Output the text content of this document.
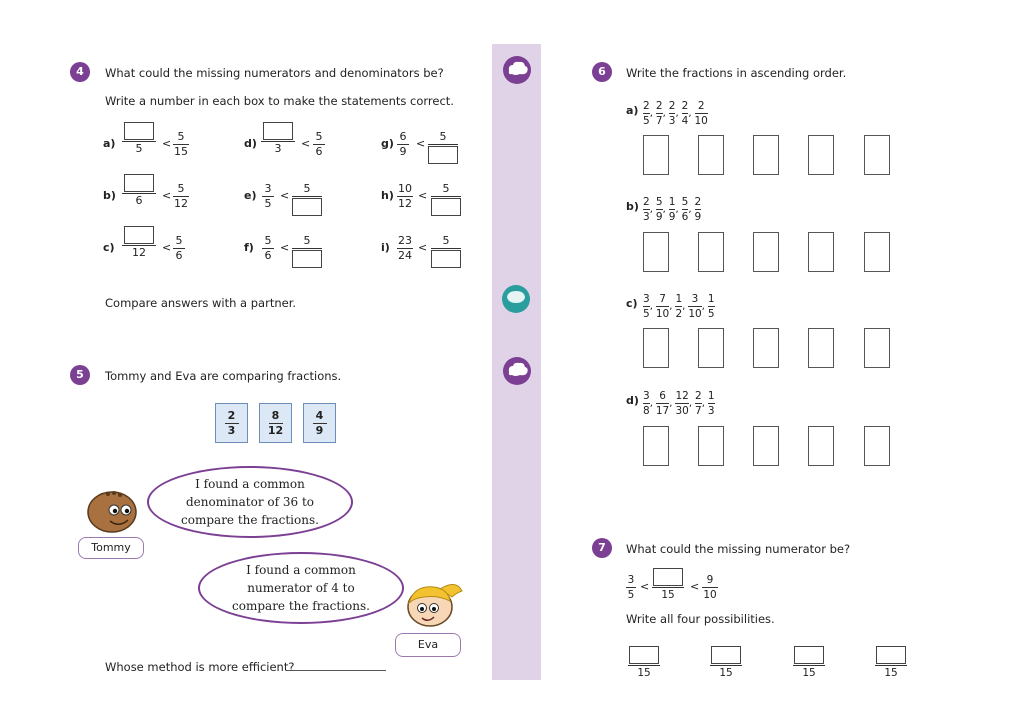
4	What could the missing numerators and denominators be?
Write a number in each box to make the statements correct.
a) 5 <
5
15
d) 3 <
5
6
g)
6
9
<
5
b) 6 <
5
12
e)
3
5
<
5
h)
10
12
<
5
c) 12 <
5
6
f)
5
6
<
5
i)
23
24
<
5
Compare answers with a partner.
5	Tommy and Eva are comparing fractions.
2
3
8
12
4
9
I found a common
denominator of 36 to
compare the fractions.
Tommy
I found a common
numerator of 4 to
compare the fractions.
Eva
Whose method is more efficient?
6	Write the fractions in ascending order.
a) 2
5
,
2
7
,
2
3
,
2
4
,
2
10
b) 2
3
,
5
9
,
1
9
,
5
6
,
2
9
c) 3
5
,
7
10
,
1
2
,
3
10
,
1
5
d) 3
8
,
6
17
,
12
30
,
2
7
,
1
3
7	What could the missing numerator be?
3
5
<
15
< 9
10
Write all four possibilities.
15	15	15	15
